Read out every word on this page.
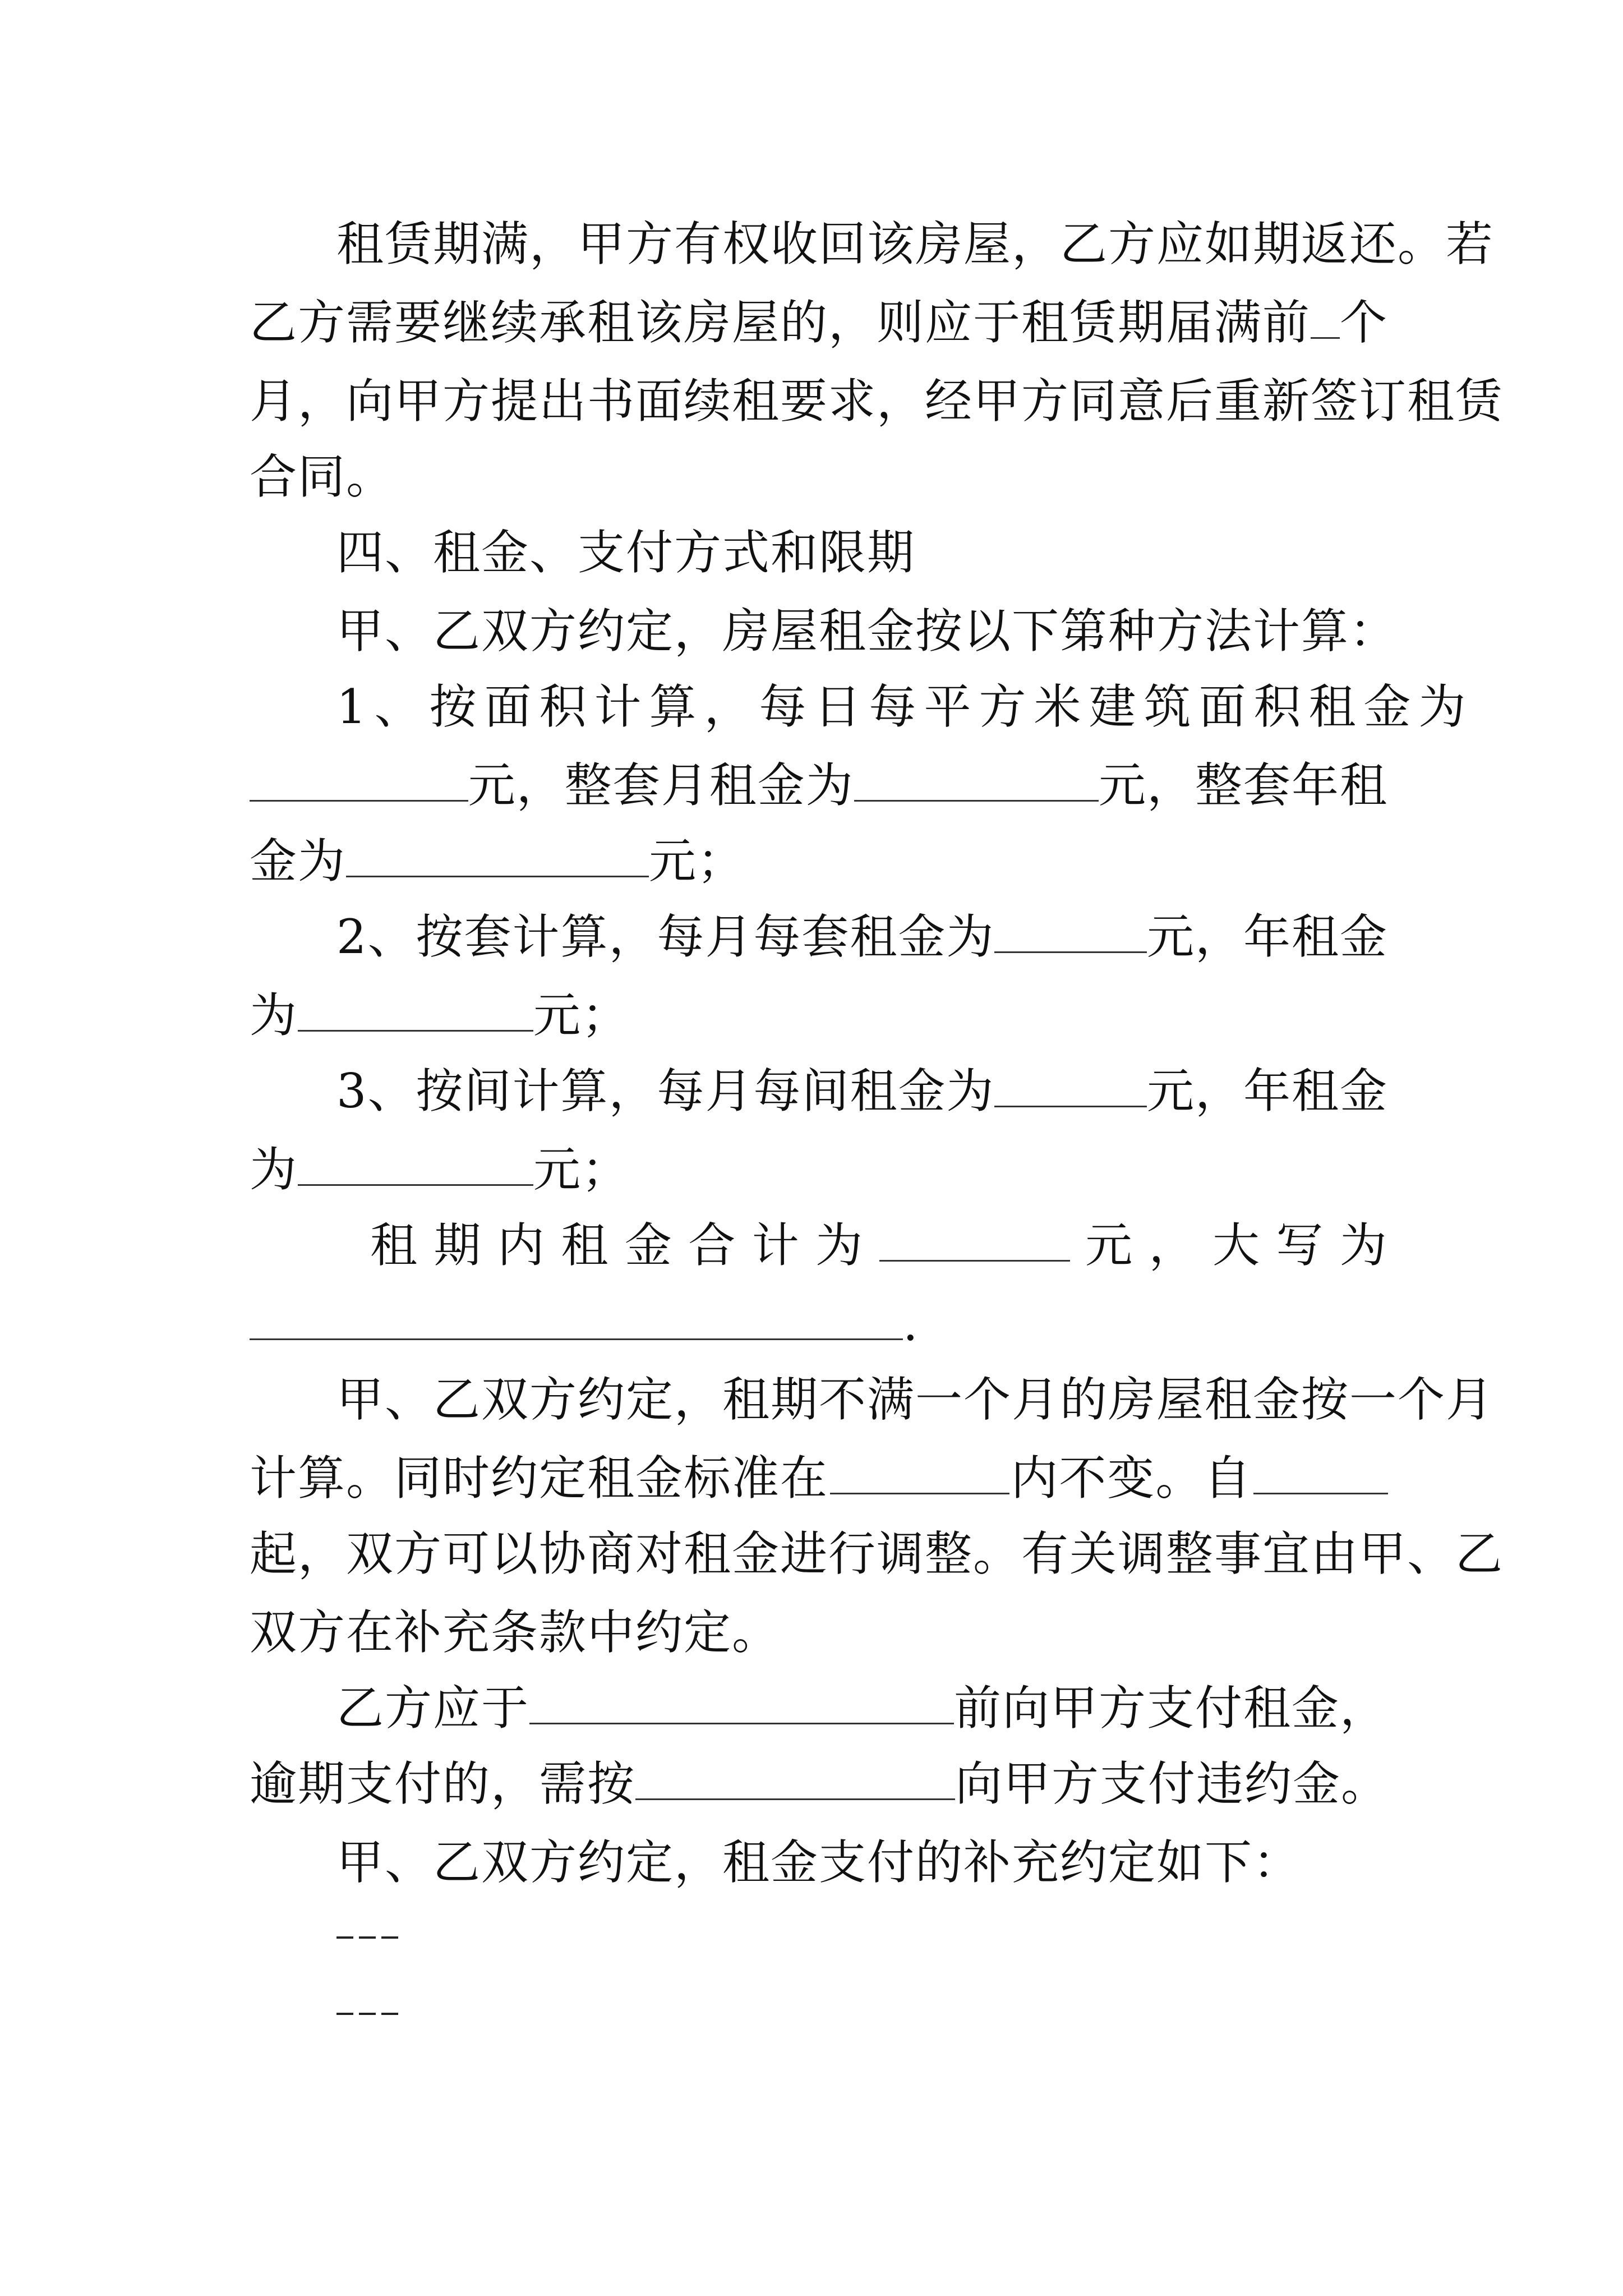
租赁期满，甲方有权收回该房屋，乙方应如期返还。若
乙方需要继续承租该房屋的，则应于租赁期届满前 个
月，向甲方提出书面续租要求，经甲方同意后重新签订租赁
合同。
四、租金、支付方式和限期
甲、乙双方约定，房屋租金按以下第 种方法计算：
1、按面积计算，每日每平方米建筑面积租金为
元，整套月租金为	元，整套年租
金为	元；
2、按套计算，每月每套租金为	元，年租金
为	元；
3、按间计算，每月每间租金为	元，年租金
为	元；
租 期 内 租 金 合 计 为	元 ， 大 写 为
.
甲、乙双方约定，租期不满一个月的房屋租金按一个月
计算。同时约定租金标准在	内不变。自
起，双方可以协商对租金进行调整。有关调整事宜由甲、乙
双方在补充条款中约定。
乙方应于	前向甲方支付租金，
逾期支付的，需按	向甲方支付违约金。
甲、乙双方约定，租金支付的补充约定如下：
